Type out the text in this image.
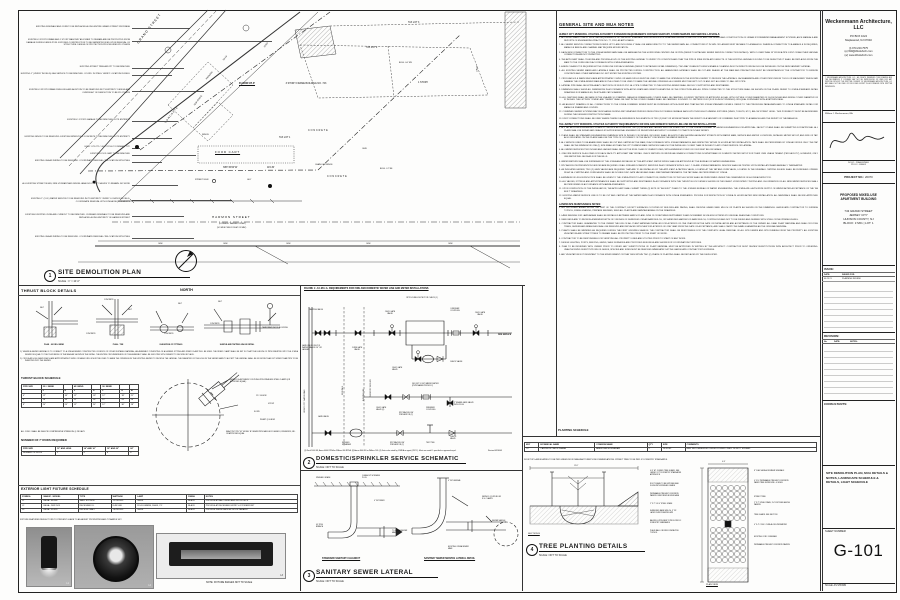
GRAND STREET	TAX LOT 3
TAX LOT 2
BLDG. 0.6' SW
50.40'
STEP
53.33'
PARKING
FLOOR 97.0'	3 STORY FRAME BUILDING NO. 743	1 STORY
N36°45'00"E
CONCRETE
CONCRETE
TAX LOT 1
FENCE
OHW
CHAIN LINK FENCE
BLDG. 0.7' NE
FOOD CART
CONCRETE
N53°15'00"W	115.30'
STREET SIGN	GUY
HARMON STREET
(FORMERLY WARNER STREET)
(50' WIDE PUBLIC RIGHT OF WAY)
OHW	OHW	OHW	OHW	OHW
EXISTING SIDEWALK AND CURB TO BE REPLACED ALONG ENTIRE GRAND STREET FRONTAGE
EXISTING 3 STORY FRAME AND 1 STORY MASONRY ADJOINER TO REMAIN AND BE PROTECTED FROM DAMAGE DURING DEMOLITION. EXPOSED CONSTRUCTION TO BE WATERPROOFED UPON REMOVAL OF STRUCTURE. DESIGN OF PROTECTION PROCEDURES BY OTHERS
EXISTING STREET TREE AND PIT TO BE REMOVED
EXISTING 1" (VERIFY IN FIELD) GAS SERVICE TO BE REMOVED. COORD. W/ PSEG. VERIFY LOCATION IN FIELD
EXISTING 3 STORY FRAME DWELLING AND ADDITION TO BE REMOVED IN ITS ENTIRETY. DESIGN AND OVERSIGHT OF DEMOLITION TO BE BY OTHERS
EXISTING 1 STORY GARAGE TO BE REMOVED IN ITS ENTIRETY
EXISTING FENCE TO BE REMOVED. EXISTING IMPERVIOUS CONCRETE TO BE REMOVED IN ITS ENTIRETY
EXIST. UTILITY / LIGHT POLE TO REMAIN, TYP.
EXISTING FOOD CART TO BE REMOVED
EXISTING OHEAD WIRING TO BE REMOVED. COORDINATE REMOVAL / RELOCATION WITH PSEG
ALL EXISTING STREET SIGNS, FIRE HYDRANT AND MISCELLANEOUS UTILITY VALVES TO REMAIN. NO WORK
EXISTING 1" (V.I.F.) WATER SERVICE TO BE REMOVED IN ITS ENTIRETY. VERIFY LOCATION IN FIELD. COORDINATE REMOVAL WITH JCMUA REQUIREMENTS
EXISTING DROPPED CURB AND CURBCUT TO BE REMOVED. CURB AND SIDEWALK TO BE REMOVED AND REPLACED ALONG ENTIRETY OF HARMON STREET
EXISTING OHEAD WIRING TO BE REMOVED. COORDINATE REMOVAL / RELOCATION WITH PSEG
1	SITE DEMOLITION PLAN
SCALE : 1" = 10'-0"
NORTH
THRUST BLOCK DETAILS
1.) WHERE A SEWER LATERAL IS TO CONNECT TO A JCMUA SEWER CONSTRUCTED OF BRICK OR OTHER SUITABLE MATERIAL, AN ASSEMBLY CONSISTING OF A HUBBED FITTING AND RISER CLAMP WILL BE USED. THE RISER CLAMP SHALL BE SET SO THAT THE LENGTH OF PIPE INSERTED INTO THE JCMUA SEWER IS EQUAL TO THE THICKNESS OF THE MAIN AS SHOWN IN THE DETAIL. THE ENTIRE CIRCUMFERENCE OF THE ASSEMBLY SHALL BE GROUTED WITH CEMENT TO SECURE IN PLACE.
2.) CIRCULAR HOLE SAWS WHICH ARE APPROPRIATELY SIZED OR HAND DRILLS MUST BE USED TO MAKE THE OPENINGS IN THE EXISTING SEWER TO RECEIVE THE LATERAL. THE DIAMETER OF THE HOLE IN THE SEWER MAIN TO ACCEPT THE LATERAL SHALL BE NO MORE THAN 1/4" WIDER THAN PIPE TO BE INSERTED INTO THE SEWER.
THRUST BLOCK SCHEDULE
PIPE SIZE	22½° BEND		45° BEND		90° BEND		
	L	D	L	D	L	D	W
4"	12"	18"	12"	18"	12"	18"	21"
6"	18"	18"	12"	18"	12"	24"	24"
8"	24"	24"	12"	24"	12"	30"	28"
ALL CONC. SHALL BE 3000 PSI COMPRESSIVE STRENGTH @ 28 DAYS
NUMBER OF 7' RODS REQUIRED
PIPE SIZE	12" AND LESS	14" AND 16"	18" AND 20"	24"
NUMBER OF RODS	2	4	6	8
EXTERIOR LIGHT FIXTURE SCHEDULE
SYMBOL	MANUF. / MODEL	TYPE	WATTAGE	LAMP	FINISH	NOTES
L1	BEGA - 66-586	WALL SCONCE	12.5W LED	3000K	BLACK	PROVIDE AT BALCONIES AND ROOF DECK
L2	BEGA - 24817-K3	RECESSED DL	8.4W LED	1194 LUMENS, 3000K, 21°	BLACK	PROVIDE AT RECESSED ENTRY & STOREFRONT
L3	BEGA - 33-059	RECESS. WALL	16.4W LED	3000K	BLACK	PROVIDE INSIDE FACE AT ROOF PARAPET
FIXTURE FEATURES REFLECTORS TO PREVENT GLARE TO ADJACENT PROPERTIES AND TOWARDS SKY
L1
L2
L3
NOTE: FIXTURE IMAGES NOT TO SCALE
FELT
CONCRETE
CONCRETE
FELT
FELT
CONCRETE
FELT
CONCRETE
TEMPORARY WOOD BLOCKING
PLAN - 90 DEG. BEND	PLAN - TEE	ELEVATION OF FITTINGS	SLEEVE AND TAPPING VALVE DETAIL
FERNCO ELASTOMERIC COUPLING WITH STAINLESS STEEL CLAMPS (OR APPROVED EQUAL)
22½° ELBOW
4"Ø DIP
SLOPE
INVERT @ ELBOW
SEALTITE TYPE "SC" MODEL "A" SEWER PIPE SADDLE BY GENECO, FREDERICK, MD. OR APPROVED EQUAL
FIGURE 1: J.C.M.U.A. REQUIREMENTS FOR FIRE AND DOMESTIC WATER LINE AND METER INSTALLATIONS
(1) Rock 5000 SS, Amco 4000 RPDA or Wilkins 400 RPDA. (2) Amco 4000 SS or Wilkins 909. (3) Gate valve rated by JCMUA or agent (VRCC). Must use model # specified or approved equal.	Revised 03/30/09
2
DOMESTIC/SPRINKLER SERVICE SCHEMATIC
SCALE: NOT TO SCALE
TAPPING VALVE
GATE VALVE ONLY IF WATER MAIN IS 16" OR LARGER
CURB GATE VALVE
OS&Y GATE VALVE
RPZ DOUBLE DETECTOR CHECK (1)
DRESSER COUPLING
OS&Y GATE VALVE
FIRE SERVICE
OS&Y GATE VALVE
CHECK VALVE
DIF (5/8" X 3/4") WATER METER (PURCHASED FROM JC)
DOMESTIC SERVICE
OS&Y GATE VALVE (2)
RPZ BACKFLOW PREVENTOR (2)
DRESSER COUPLING
2" BRASS GATE VALVE WITH PLUG
GATE VALVE
SENSUS STRAINER
RPZ BACKFLOW PREVENTOR (2)
TEST TEE
CHECK VALVE
JERSEY CITY WATER MAIN	SIDE WALK	BUILDING LINE
3 SANITARY SEWER LATERAL
SCALE: NOT TO SCALE
FINISHED GRADE
CLEANOUT W/ BRASS PLUG
4" DIP RISER
45° WYE BRANCH
TO JCMUA SEWER MAIN
STANDARD SANITARY CLEANOUT
4" DIP LATERAL
FERNCO COUPLING W/ S.S. CLAMPS
SEWER SADDLE
EXISTING JCMUA SEWER MAIN
SANITARY SEWER SERVICE LATERAL DETAIL
KEY	BOTANICAL NAME	COMMON NAME	QTY	SIZE	COMMENTS
CC	CARPINUS CAROLINIANA	AMERICAN HORNBEAM	2	20-30 HT.	B&B. RECOMMENDED UNDER POWER LINES. 20-30 FT SPREAD
ROOFTOP LANDSCAPING TO BE PER GREEN ROOF MANUFACTURER'S RECOMMENDATIONS. STREET TREE TO BE PER JC FORESTRY STANDARDS.
4 TREE PLANTING DETAILS
SCALE: NOT TO SCALE
12'-0"
4'-0" HT. 2-SIDED TREE GUARD. SEE JERSEY CITY FORESTRY STANDARDS APPENDIX E
ROOT FLARE TO BE EXPOSED AND FLUSH WITH FINISHED GRADE
PERMEABLE PRECAST CONCRETE PAVERS OVER RESIN BOUND BASE
2" X 2" X 8'-0" STEEL STAKE
SHREDDED BARK MULCH, 3" DP. LAYER OVER PLANTING MIX
BACKFILL WITH NEW TOPSOIL PER JC FORESTRY STANDARDS
PLACE BALL ON FIRM COMPACTED TOPSOIL
SECTION B
4'-0"
8" CLAY HEXAGON PAVER SIDEWALK
4' X 10' PERMEABLE PRECAST CONCRETE PAVER TREE SURROUND - 4 SIDES
STREET TREE
2" X 2" STEEL STAKE, 3'-0" EXPOSED ABOVE PAVERS
TREE GUARD. SEE SECTION
4" X 4" CONC. CURB ALONG PERIMETER
EXISTING CONC. SIDEWALK
PERMEABLE PRECAST CONCRETE PAVERS
PLAN VIEW
PLANTING SCHEDULE
GENERAL SITE AND MUA NOTES
JERSEY CITY MUNICIPAL UTILITIES AUTHORITY STANDARD REQUIREMENTS FOR NEW SANITARY, STORM SEWERS AND SERVICE LATERALS
1. ALL WORK SHALL COMPLY WITH THE REQUIREMENTS OF THE MOST STANDARD SPECIFICATION FOR ROAD AND BRIDGE CONSTRUCTION, AND THE DESIGN AND CONSTRUCTION OF URBAN STORMWATER MANAGEMENT SYSTEMS, ASCE MANUALS AND REPORTS OF ENGINEERING PRACTICE NO. 77, 1992, AS APPLICABLE.
2. ALL SEWER SERVICE CONNECTIONS IN SIZES UP TO AND INCLUDING 6" SHALL BE MADE DIRECTLY TO THE SEWER MAIN. ALL CONNECTIONS 8" IN SIZE OR LARGER MUST BE MADE TO A MANHOLE. WHERE A CONNECTION TO A MANHOLE IS REQUIRED, MANHOLE BENCH AND CHANNEL MAY REQUIRE MODIFICATION.
3. EACH NEW CONNECTION TO THE JCMUA SEWER MAIN SHALL BE MADE ABOVE THE HORIZONTAL CENTER LINE OF PIPE (REFER TO ATTACHED SEWER SERVICE CONNECTION DETAILS). TAPS CLOSER THAN 18" FROM A PIPE JOINT OR ANOTHER LATERAL CONNECTION ARE NOT PERMITTED.
4. THE APPLICANT SHALL TELEVISE AND PROVIDE A DVD OF THE EXISTING LATERAL TO VERIFY ITS CONDITION AND THAT THE PIPE IS FREE FROM ANY DEFECTS. IF THE EXISTING LATERAL IS FOUND TO BE DEFECTIVE IT SHALL BE REPLACED FROM THE MAIN TO THE CURB LINE IN ACCORDANCE WITH JCMUA STANDARDS.
5. A NEW CLEANOUT IS REQUIRED AT THE CURB LINE FOR EACH LATERAL (REFER TO ATTACHED DETAIL DRAWINGS). TWO-WAY CLEANOUTS WHICH ENABLE CLEANING IN BOTH DIRECTIONS SHOULD BE INSTALLED ON THE NEW SANITARY LATERAL.
6. ALL EXISTING SEWER MAINS AND LATERALS SHALL BE PROTECTED DURING CONSTRUCTION. ALL ABANDONED LATERALS SHALL BE CUT AND SEALED AT THE MAIN AND PRECAUTIONS MUST BE UNDERTAKEN BY THE CONTRACTOR TO ENSURE CONCRETE AND OTHER MATERIALS DO NOT ENTER THE EXISTING SYSTEM.
7. CIRCULAR HOLE SAWS WHICH ARE APPROPRIATELY SIZED OR HAND DRILLS MUST BE USED TO MAKE THE OPENINGS IN THE EXISTING SEWER TO RECEIVE THE LATERALS. JACKHAMMERS AND OTHER PERCUSSION TOOLS OR MACHINERY WHICH MAY DAMAGE THE JCMUA SEWER MAIN ARE NOT ALLOWED TO BE USED TO MAKE THE LATERAL OPENINGS. ALL DEBRIS MUST BE KEPT OUT OF AND NOT ALLOWED TO FALL INTO PIPE.
8. LATERAL PIPE SHALL BE EXTRA HEAVY CAST IRON OR SDR-35 PVC. ALL PIPE CONNECTED TO THE EXISTING SEWER SHALL BE FULLY SUPPORTED AND RESTRAINED.
9. DRAWINGS SHALL SHOW ALL DIMENSIONS IN ACCORDANCE WITH ASTM. GRATE AND INVERT ELEVATIONS OF THE STRUCTURE AND ALL PIPES CONNECTED TO THE STRUCTURE SHALL BE SHOWN ON THE PLANS. REFER TO JCMUA STANDARD DETAIL DRAWINGS FOR MANHOLES, INLETS AND CATCH BASINS.
10. ALL CASTINGS SHALL BE MADE IN THE USA AND SO STAMPED. MANHOLE FRAMES AND COVERS SHALL BE CAMPBELL FOUNDRY PATTERN OR APPROVED EQUAL, WITH OUTSIDE COVER DIAMETER OF 34-3/4 INCHES AND INSIDE COVER DIAMETER OF 32 INCHES. THE LETTERS "JCMUA" AND "SEWER" SHALL BE CAST IN THE COVER. FRAMES SHALL BE CAMPBELL FOUNDRY CO. PATTERN #1012 (FOR 30-INCH OPENINGS) OR EQUAL FURNISHED WITH A PATTERN PAGE.
11. AN AS-BUILT DRAWING OF ALL CONNECTIONS TO THE JCMUA COMBINED SEWER MUST BE FURNISHED WITH A SUMP AND TRAP AS PER JCMUA STANDARD DETAILS. REFER TO THE PRECEDING PARAGRAPH AND TO JCMUA STANDARD DETAIL FOR MANHOLE FRAMES AND COVERS.
12. COMBINED SEWER SYSTEMS MAY SURCHARGE DURING WET WEATHER PERIODS RESULTING IN POSSIBLE SEWAGE BACK-UPS THROUGH PLUMBING FIXTURES (SINKS, TOILETS, ETC.) BELOW STREET LEVEL. THIS POSSIBILITY MUST BE ADDRESSED DURING THE DESIGN/CONSTRUCTION PHASE.
13. DROP CONNECTIONS SHALL BE USED WHERE THERE IS A DIFFERENCE IN ELEVATION OF TWO (2) FEET OR MORE BETWEEN THE INVERT OF A SANITARY OR COMBINED INLET PIPE TO A MANHOLE AND THE INVERT OF THE MANHOLE.
THE JERSEY CITY MUNICIPAL UTILITIES AUTHORITY REQUIREMENTS FOR FIRE AND DOMESTIC WATER LINE AND METER INSTALLATIONS
1. ALL TAP APPLICATIONS AND ALL DOMESTIC SERVICE APPLICATIONS TWO (2) INCHES AND LARGER MUST BE SUBMITTED TO THE JCMUA'S BUREAU OF WATER ENGINEERING FOR APPROVAL. FACILITY PLANS SHALL BE SUBMITTED FOR APPROVAL. ALL PLANS SHALL BE SIGNED AND SEALED BY A PROFESSIONAL ENGINEER OR REGISTERED ARCHITECT LICENSED TO PRACTICE IN NEW JERSEY.
2. PLANS SHALL BE STANDARD ENGINEERING DRAWINGS SIZE 24 INCHES X 36 INCHES. INCLUDED SHALL BE A SITE PLAN SHOWING ADJACENT STREETS WITH WATER MAIN, SERVICE AND METER LOCATIONS, DETAILED METER SET-UP, AND SIZE OF TAP. ALSO INDICATED ON THE PLANS SHALL BE THE TYPE OF OCCUPANCY OF THE FACILITY RECEIVING THE WATER SERVICE.
3. ALL SERVICE LINES TO BE ABANDONED SHALL BE CUT AND CAPPED AT THE MAIN, IN ACCORDANCE WITH JCMUA STANDARDS, AND INSPECTED WITHIN 24 HOURS AFTER INSTALLATION. TAPS SHALL BE PERFORMED BY JCMUA FORCES ONLY. THE TAP SHALL BE THE MINIMUM OF ONE (1) SIZE SMALLER THAN THE CITY'S WATER MAIN. SERVICES SHALL NOT BE INSTALLED CLOSER THAN 18 INCHES TO ANY OTHER SERVICE OR LATERAL.
4. ALL WATER SERVICES TWO INCHES AND LARGER SHALL BE DUCTILE IRON CLASS 52 CEMENT LINED, WITH A MINIMUM COVER OF FOUR FEET BELOW GRADE.
5. ONE FIRE SERVICE IS ALLOWED FOR EACH FACILITY. APPLICANT MAY INSTALL CHECK METERS ON INDIVIDUAL BRANCH CONNECTIONS DOWNSTREAM OF DOMESTIC METER SETUP FOR THEIR OWN USAGE TENANT (PER FACILITY); HOWEVER, ONLY ONE METER WILL BE READ FOR THE BILLS.
6. WATER METERS SHALL BE FURNISHED BY THE JCMUA AND INSTALLED BY THE APPLICANT. METER SIZING SHALL BE APPROVED BY THE BUREAU OF WATER ENGINEERING.
7. RPZ BACKFLOW PREVENTION DEVICES ARE REQUIRED ON ALL FIRE AND DOMESTIC SERVICES IN ACCORDANCE WITH N.J.A.C. 7:10 AND JCMUA STANDARDS. DEVICES SHALL BE TESTED UPON INSTALLATION AND ANNUALLY THEREAFTER.
8. AS INDICATED HEREIN, TWO (2) GATE VALVES ARE REQUIRED THAT ARE TO BE INSTALLED BY THE APPLICANT: A TAPPING VALVE, LOCATED AT THE TAP AND CURB VALVE, LOCATED IN THE SIDEWALK. TAPPING SLEEVE SHALL BE FURNISHED OPENED RIGHT. ALL TAPPING AND CURB VALVES SHALL BE DOUBLE DISC GATE VALVES AND SHALL MEET AWWA STANDARDS. THE TAP SHALL BE PERFORMED BY JCMUA.
9. A MINIMUM OF 48 HOURS NOTICE SHALL BE GIVEN TO THE JCMUA PRIOR TO ANY CONNECTION, INSPECTION OR TEST. ALL WORK SHALL BE PERFORMED UNDER THE OBSERVATION OF A JCMUA INSPECTOR.
10. ALL VALVES, FITTINGS AND APPURTENANCES SHALL BE SUPPORTED AND RESTRAINED IN ACCORDANCE WITH THE THRUST BLOCK DETAILS SHOWN ON THIS SHEET. HYDROSTATIC TESTING AND CHLORINATION OF ALL NEW WATER SERVICES SHALL BE PERFORMED IN ACCORDANCE WITH AWWA STANDARDS.
11. UPON COMPLETION OF THE INSTALLATION, THE APPLICANT SHALL SUBMIT THREE (3) SETS OF "AS BUILT" PLANS TO THE JCMUA'S BUREAU OF WATER ENGINEERING. THE JCMUA WILL AUTHORIZE SUPPLY OF WATER AFTER ACCEPTANCE OF THE "AS BUILT" DRAWINGS.
12. EXISTING WATER SERVICE LINE IS TO BE CUT AND CAPPED AT THE WATER MAIN IN ACCORDANCE WITH JCMUA STANDARDS. PROVIDE FOR INSPECTION BY JCMUA 24 HOURS AFTER NEW INSTALLATION. ALL MATERIALS SHALL BE NSF APPROVED EQUAL.
LANDSCAPE MAINTENANCE NOTES:
1. ALL DISTURBED AREAS WITHIN THE LIMIT OF THE CONTRACT, EXCEPT SURFACES OCCUPIED BY BUILDING AND PAVING, SHALL RECEIVE GRASS SEED MULCH OR PLANTS AS SHOWN ON THE DRAWINGS. LANDSCAPE CONTRACTOR TO FURNISH TOPSOIL, FINISH GRADING, PREPARE SEEDBED, SEED ALL PLANTS AND MAINTAIN AREAS ON THE DRAWINGS.
2. LAWN SEEDING FOR LAWN AREAS SHALL BE INSTALLED BETWEEN MARCH 15 AND JUNE 15 OR BETWEEN SEPTEMBER 15 AND NOVEMBER 30 UNLESS DICTATED BY UNUSUAL SEASONAL CONDITIONS.
3. SEED BEDS ARE TO RECEIVE A MINIMUM DEPTH OF 3 INCHES OF SHREDDED CEDAR BARK MULCH, OR SHREDDED HARDWOOD BARK MULCH, CONTINUOUS AND NOT TO BE ISSUED AND DEFINED WITH STEEL OR NEOPRENE EDGING.
4. CONTRACTOR SHALL GUARANTEE TO THE OWNER THE LIFE OF ALL PLANT MATERIAL INSTALLED FOR A PERIOD OF ONE YEAR FROM THE DATE OF INSTALLATION AND ACCEPTANCE OF THE OWNER. ALL DEAD PLANT MATERIAL AND DEAD OR DYING TREES, SHRUBS AND BRANCHES SHALL BE REMOVED AND REPLACED WITH NEW FOR A PERIOD OF ONE YEAR FROM THE DATE OF ACCEPTANCE, AND SHALL CARRY THE SAME GUARANTEE AS THE ORIGINAL MATERIAL.
5. PLANTS SHALL BE WATERED AS REQUIRED DURING THE FIRST GROWING SEASON. THE CONTRACTOR SHALL BE RESPONSIBLE FOR THE COMPLETE LEGAL REMOVAL OF ALL SITE DEBRIS AND SITE RUBBISH FROM THE PROPERTY. ALL EXISTING VEGETATION AND STREET TREES TO REMAIN SHALL BE PROTECTED PRIOR TO THE START OF WORK.
6. CONTRACTOR TO BE RESPONSIBLE FOR VERIFYING ALL PROPERTY LINES AND UTILITIES PRIOR TO START OF ANY WORK.
7. DESIGN LIGHTING, POSTS, FENCING, GATES, WALK SURFACES AND PROPOSED BUILDINGS ARE SHOWN FOR COORDINATION PURPOSES.
8. PLAN TO BE REVIEWED WITH OWNER PRIOR TO ORDER. ANY SUBSTITUTIONS OF PLANT MATERIAL MUST BE APPROVED IN WRITING BY THE ARCHITECT. CONTRACTOR MUST REVIEW SUBSTITUTIONS WITH ARCHITECT PRIOR TO ORDERING. UNAUTHORIZED SUBSTITUTIONS OF GENUS, SPECIES AND SIZES MUST BE REMOVED IMMEDIATELY AT THE LANDSCAPE CONTRACTOR'S EXPENSE.
9. ANY VEGETATION NOT RESISTANT TO THE ENVIRONMENT OR THAT DIES WITHIN TWO (2) YEARS OF PLANTING SHALL BE REPLACED BY THE DEVELOPER.
Weckenmann Architecture, LLC
PO BOX 1024
Maplewood, NJ 07040
(t) 973.220.7575
(e) Will@WeckArch.com
(w) www.WeckArch.com
© WECKENMANN ARCHITECTURE, LLC - ALL RIGHTS RESERVED. THIS DRAWING AND THE INFORMATION IT CONTAINS MAY NOT BE REPRODUCED OR USED FOR ANY PURPOSE WITHOUT THE WRITTEN CONSENT OF WECKENMANN ARCHITECTURE, LLC AND SHALL NOT BE USED OR DISCLOSED EXCEPT IN ACCORDANCE WITH WRITTEN PERMISSION.
William J. Weckenmann, RA
NJ LIC.: 21AI00925800
NY LIC.: 036603
PROJECT NO.: 20070
PROPOSED MIXED-USE
APARTMENT BUILDING
743 GRAND STREET
JERSEY CITY
HUDSON COUNTY, NJ
BLOCK: 17201 | LOT: 1
ISSUE:
DATE:	ISSUED FOR:
06.25.21	PLANNING REVIEW
REVISION:
No.	DATE:	NOTES:
CONSULTANTS:
SITE DEMOLITION PLAN, MUA DETAILS & NOTES, LANDSCAPE SCHEDULE & DETAILS, LIGHT SCHEDULE
SHEET NUMBER:
G-101
SCALE: AS SHOWN
